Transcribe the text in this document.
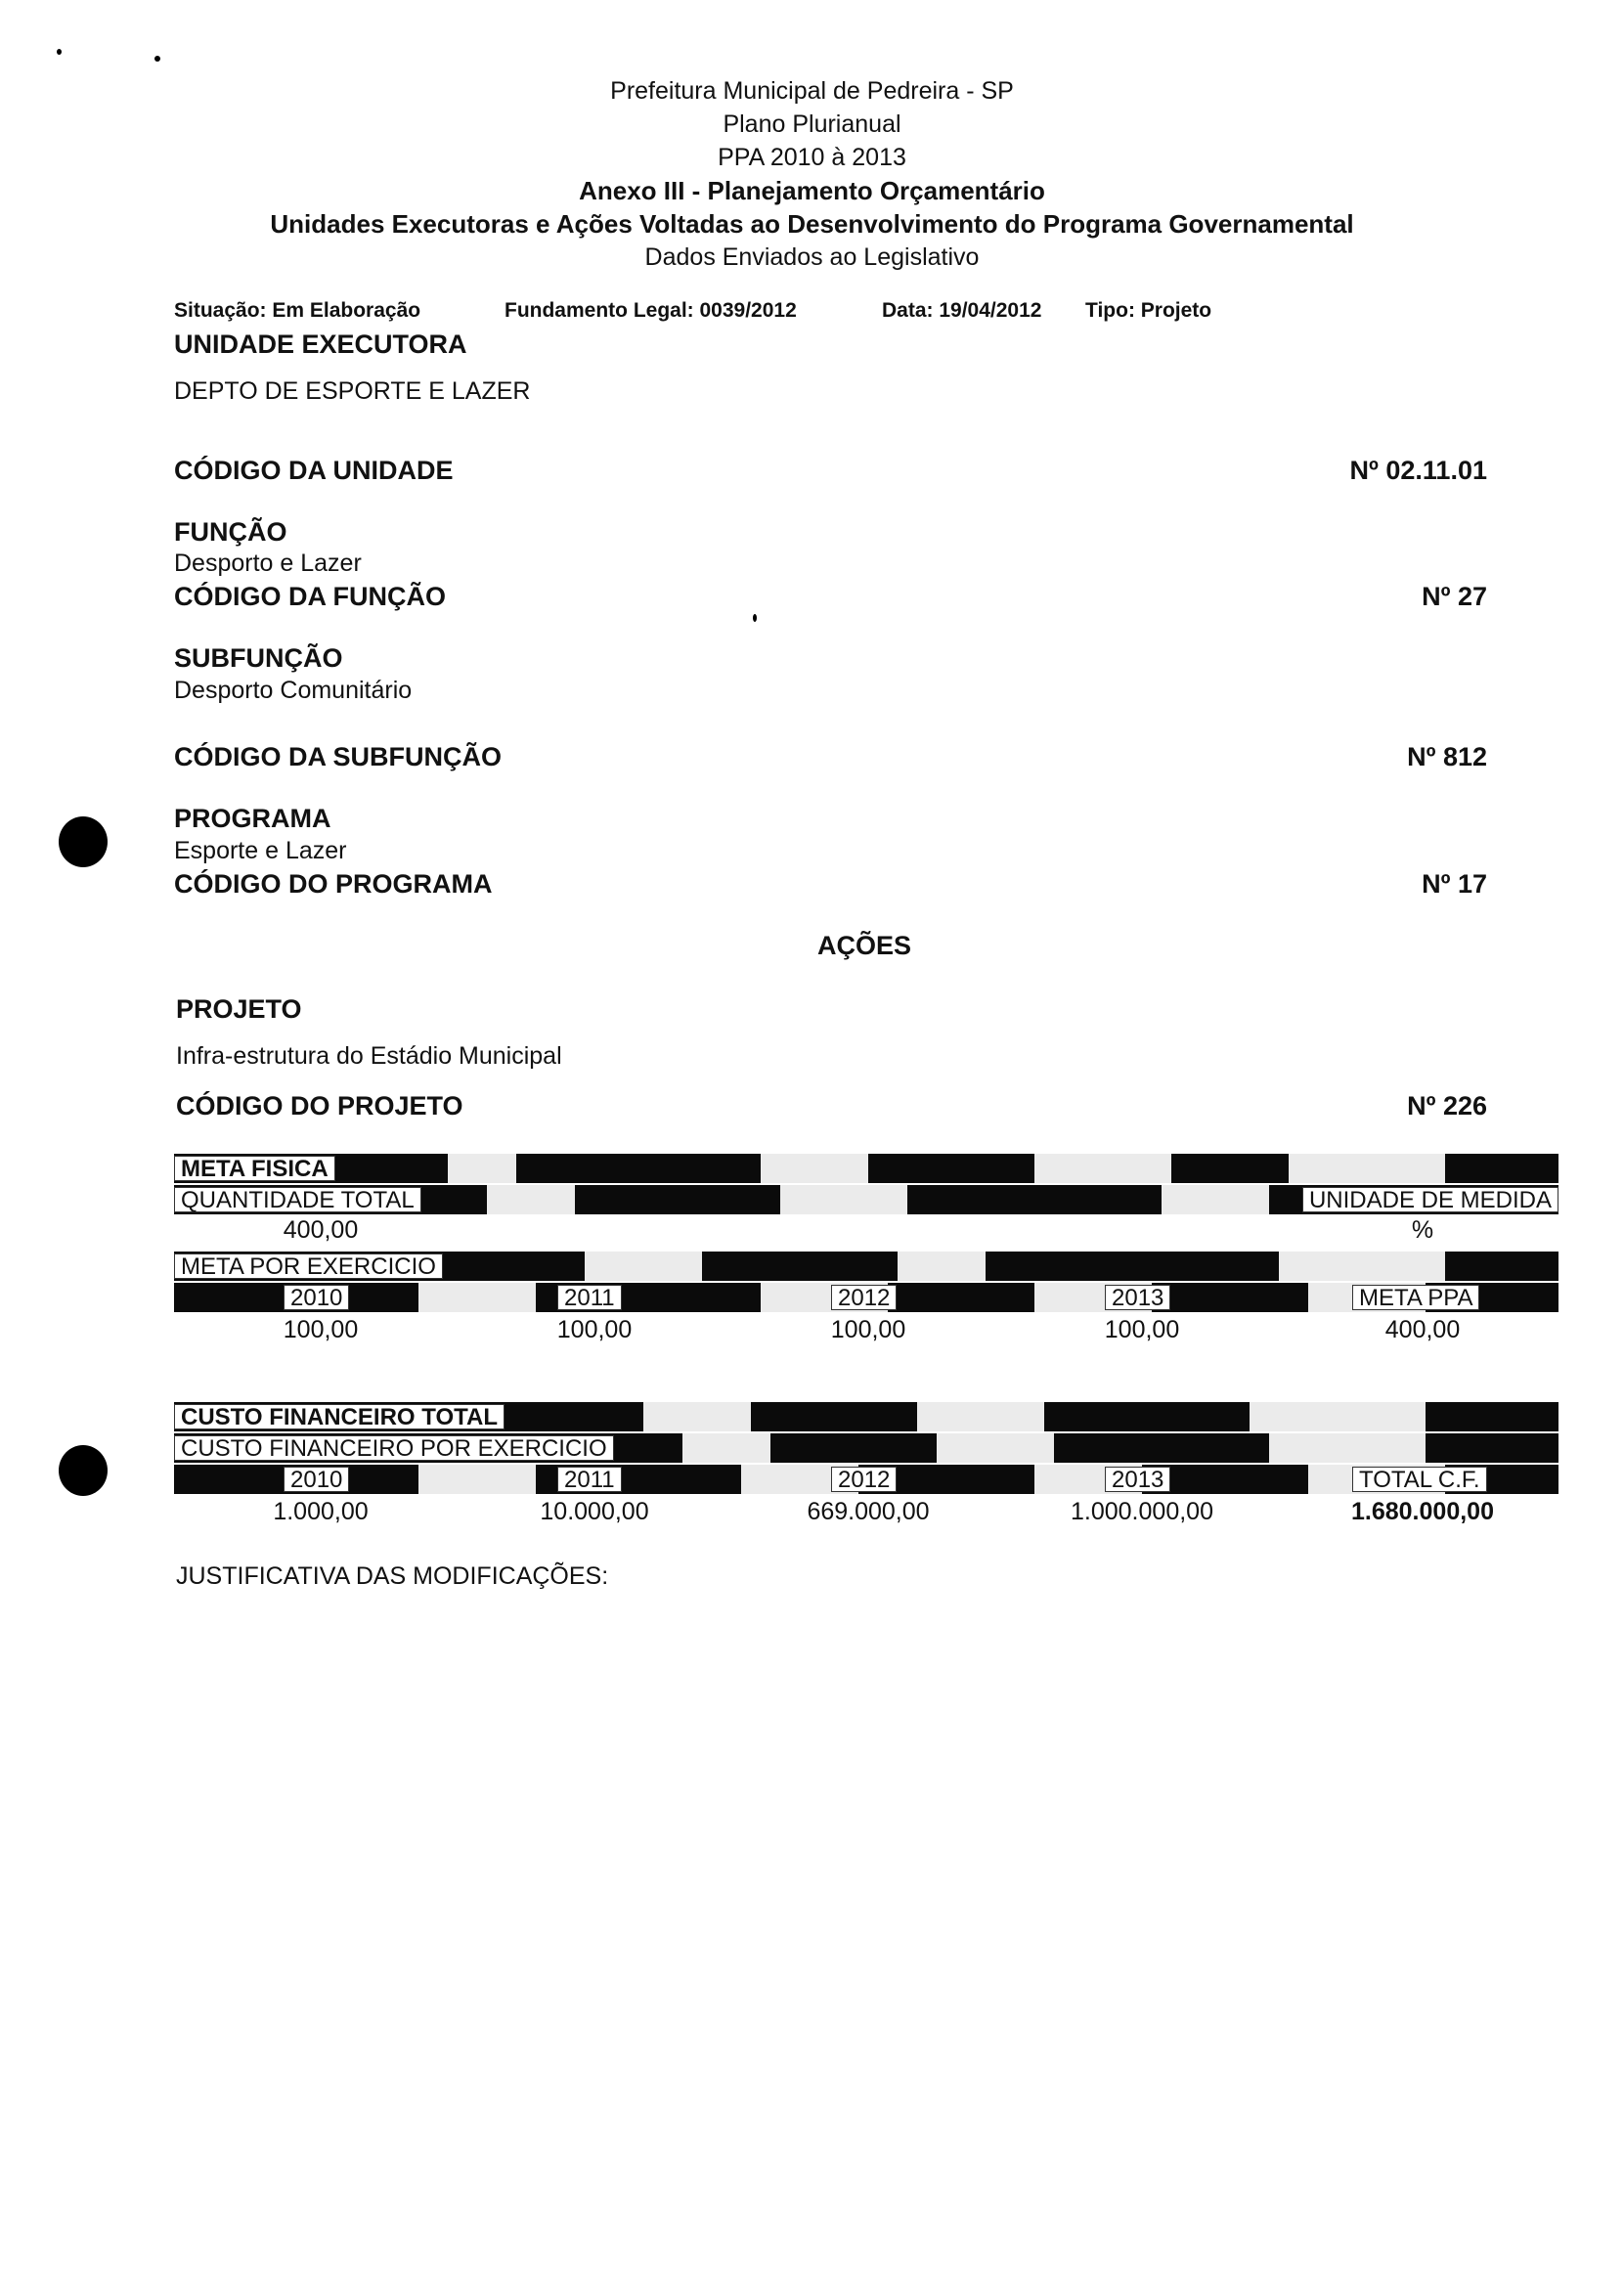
Prefeitura Municipal de Pedreira - SP
Plano Plurianual
PPA 2010 à 2013
Anexo III - Planejamento Orçamentário
Unidades Executoras e Ações Voltadas ao Desenvolvimento do Programa Governamental
Dados Enviados ao Legislativo
Situação: Em Elaboração	Fundamento Legal: 0039/2012	Data: 19/04/2012 Tipo: Projeto
UNIDADE EXECUTORA
DEPTO DE ESPORTE E LAZER
CÓDIGO DA UNIDADE	Nº 02.11.01
FUNÇÃO
Desporto e Lazer
CÓDIGO DA FUNÇÃO	Nº 27
SUBFUNÇÃO
Desporto Comunitário
CÓDIGO DA SUBFUNÇÃO	Nº 812
PROGRAMA
Esporte e Lazer
CÓDIGO DO PROGRAMA	Nº 17
AÇÕES
PROJETO
Infra-estrutura do Estádio Municipal
CÓDIGO DO PROJETO	Nº 226
META FISICA
QUANTIDADE TOTAL	UNIDADE DE MEDIDA
400,00	%
META POR EXERCICIO
2010	2011	2012	2013	META PPA
100,00	100,00	100,00	100,00	400,00
CUSTO FINANCEIRO TOTAL
CUSTO FINANCEIRO POR EXERCICIO
2010	2011	2012	2013	TOTAL C.F.
1.000,00	10.000,00	669.000,00	1.000.000,00	1.680.000,00
JUSTIFICATIVA DAS MODIFICAÇÕES:
